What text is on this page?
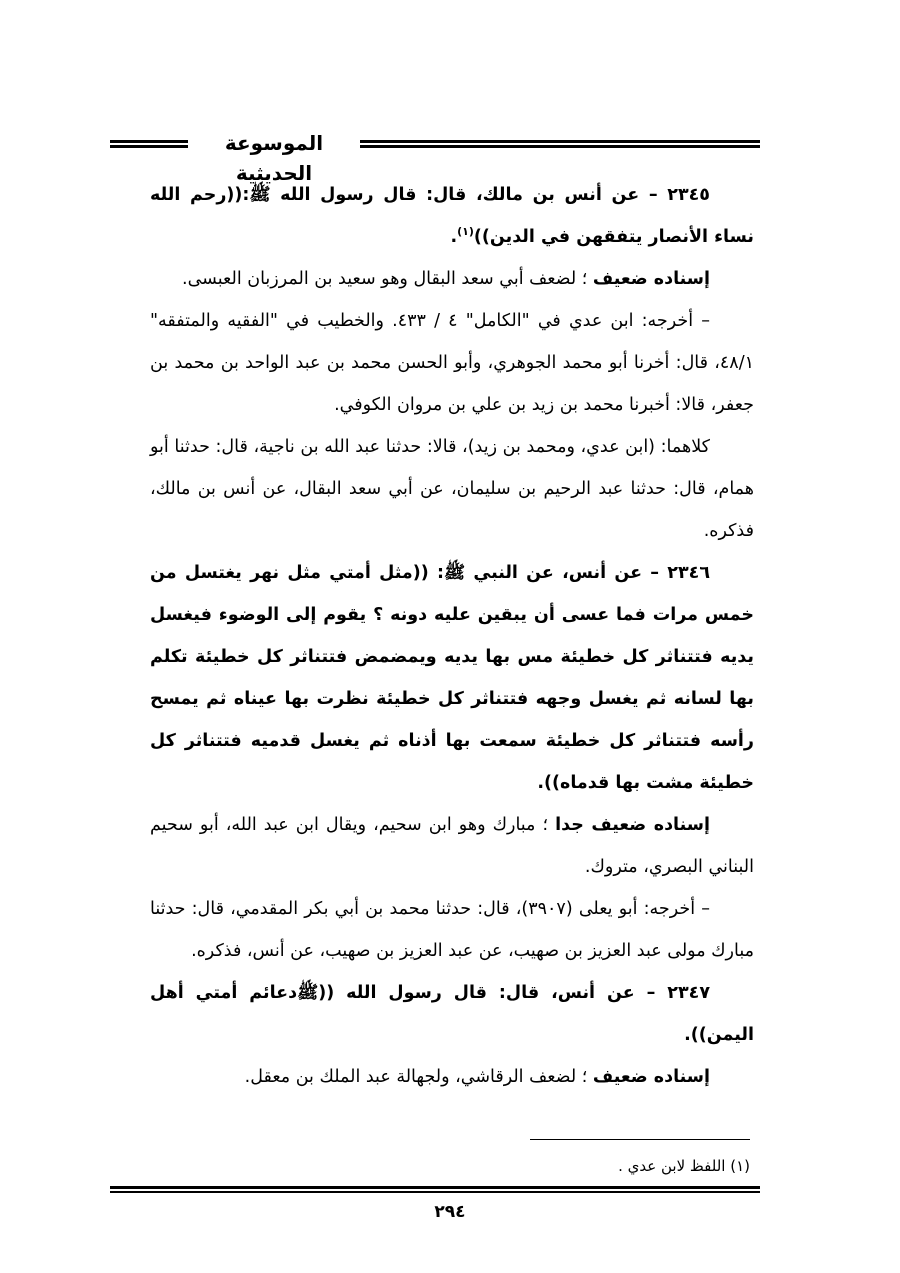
الموسوعة الحديثية

٢٣٤٥ – عن أنس بن مالك، قال: قال رسول الله ﷺ:((رحم الله نساء الأنصار يتفقهن في الدين))$^{(١)}$.

إسناده ضعيف ؛ لضعف أبي سعد البقال وهو سعيد بن المرزبان العبسى.

– أخرجه: ابن عدي في "الكامل" ٤ / ٤٣٣. والخطيب في "الفقيه والمتفقه" ٤٨/١، قال: أخرنا أبو محمد الجوهري، وأبو الحسن محمد بن عبد الواحد بن محمد بن جعفر، قالا: أخبرنا محمد بن زيد بن علي بن مروان الكوفي.

كلاهما: (ابن عدي، ومحمد بن زيد)، قالا: حدثنا عبد الله بن ناجية، قال: حدثنا أبو همام، قال: حدثنا عبد الرحيم بن سليمان، عن أبي سعد البقال، عن أنس بن مالك، فذكره.

٢٣٤٦ – عن أنس، عن النبي ﷺ: ((مثل أمتي مثل نهر يغتسل من خمس مرات فما عسى أن يبقين عليه دونه ؟ يقوم إلى الوضوء فيغسل يديه فتتناثر كل خطيئة مس بها يديه ويمضمض فتتناثر كل خطيئة تكلم بها لسانه ثم يغسل وجهه فتتناثر كل خطيئة نظرت بها عيناه ثم يمسح رأسه فتتناثر كل خطيئة سمعت بها أذناه ثم يغسل قدميه فتتناثر كل خطيئة مشت بها قدماه)).

إسناده ضعيف جدا ؛ مبارك وهو ابن سحيم، ويقال ابن عبد الله، أبو سحيم البناني البصري، متروك.

– أخرجه: أبو يعلى (٣٩٠٧)، قال: حدثنا محمد بن أبي بكر المقدمي، قال: حدثنا مبارك مولى عبد العزيز بن صهيب، عن عبد العزيز بن صهيب، عن أنس، فذكره.

٢٣٤٧ – عن أنس، قال: قال رسول الله ((ﷺدعائم أمتي أهل اليمن)).

إسناده ضعيف ؛ لضعف الرقاشي، ولجهالة عبد الملك بن معقل.

(١) اللفظ لابن عدي .
٢٩٤
